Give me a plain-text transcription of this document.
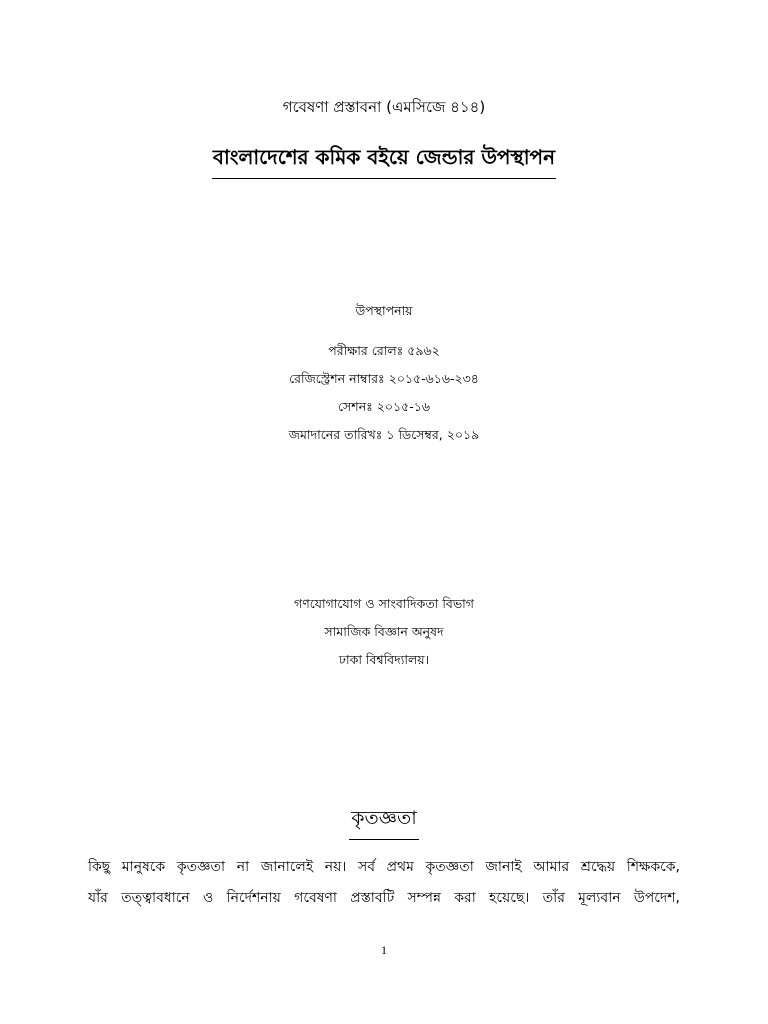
গবেষণা প্রস্তাবনা (এমসিজে ৪১৪)
বাংলাদেশের কমিক বইয়ে জেন্ডার উপস্থাপন
উপস্থাপনায়
পরীক্ষার রোলঃ ৫৯৬২
রেজিস্ট্রেশন নাম্বারঃ ২০১৫-৬১৬-২৩৪
সেশনঃ ২০১৫-১৬
জমাদানের তারিখঃ ১ ডিসেম্বর, ২০১৯
গণযোগাযোগ ও সাংবাদিকতা বিভাগ
সামাজিক বিজ্ঞান অনুষদ
ঢাকা বিশ্ববিদ্যালয়।
কৃতজ্ঞতা
কিছু মানুষকে কৃতজ্ঞতা না জানালেই নয়। সর্ব প্রথম কৃতজ্ঞতা জানাই আমার শ্রদ্ধেয় শিক্ষককে,
যাঁর তত্ত্বাবধানে ও নির্দেশনায় গবেষণা প্রস্তাবটি সম্পন্ন করা হয়েছে। তাঁর মূল্যবান উপদেশ,
1
